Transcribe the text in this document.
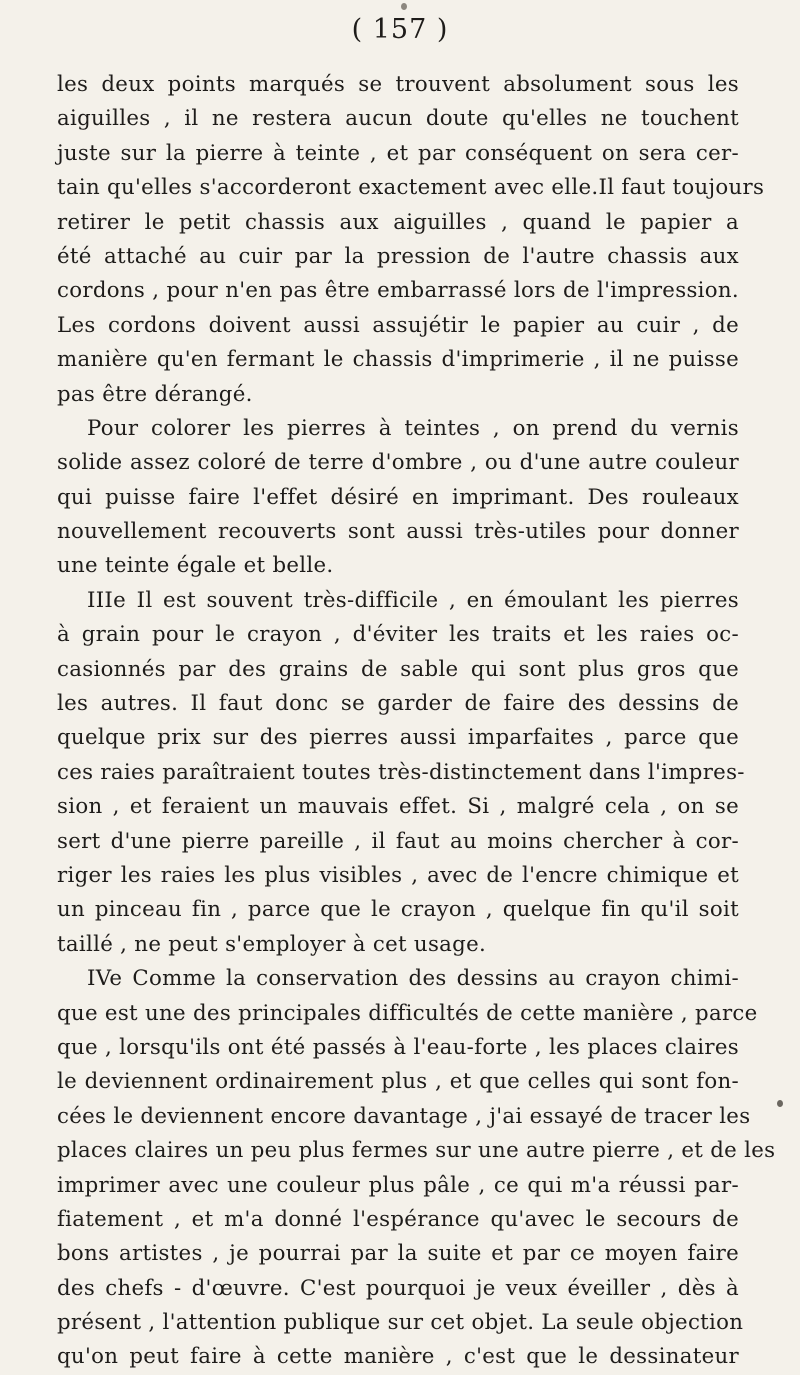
( 157 )
les deux points marqués se trouvent absolument sous les
aiguilles , il ne restera aucun doute qu'elles ne touchent
juste sur la pierre à teinte , et par conséquent on sera cer-
tain qu'elles s'accorderont exactement avec elle.Il faut toujours
retirer le petit chassis aux aiguilles , quand le papier a
été attaché au cuir par la pression de l'autre chassis aux
cordons , pour n'en pas être embarrassé lors de l'impression.
Les cordons doivent aussi assujétir le papier au cuir , de
manière qu'en fermant le chassis d'imprimerie , il ne puisse
pas être dérangé.
Pour colorer les pierres à teintes , on prend du vernis
solide assez coloré de terre d'ombre , ou d'une autre couleur
qui puisse faire l'effet désiré en imprimant. Des rouleaux
nouvellement recouverts sont aussi très-utiles pour donner
une teinte égale et belle.
IIIe Il est souvent très-difficile , en émoulant les pierres
à grain pour le crayon , d'éviter les traits et les raies oc-
casionnés par des grains de sable qui sont plus gros que
les autres. Il faut donc se garder de faire des dessins de
quelque prix sur des pierres aussi imparfaites , parce que
ces raies paraîtraient toutes très-distinctement dans l'impres-
sion , et feraient un mauvais effet. Si , malgré cela , on se
sert d'une pierre pareille , il faut au moins chercher à cor-
riger les raies les plus visibles , avec de l'encre chimique et
un pinceau fin , parce que le crayon , quelque fin qu'il soit
taillé , ne peut s'employer à cet usage.
IVe Comme la conservation des dessins au crayon chimi-
que est une des principales difficultés de cette manière , parce
que , lorsqu'ils ont été passés à l'eau-forte , les places claires
le deviennent ordinairement plus , et que celles qui sont fon-
cées le deviennent encore davantage , j'ai essayé de tracer les
places claires un peu plus fermes sur une autre pierre , et de les
imprimer avec une couleur plus pâle , ce qui m'a réussi par-
fiatement , et m'a donné l'espérance qu'avec le secours de
bons artistes , je pourrai par la suite et par ce moyen faire
des chefs - d'œuvre. C'est pourquoi je veux éveiller , dès à
présent , l'attention publique sur cet objet. La seule objection
qu'on peut faire à cette manière , c'est que le dessinateur
